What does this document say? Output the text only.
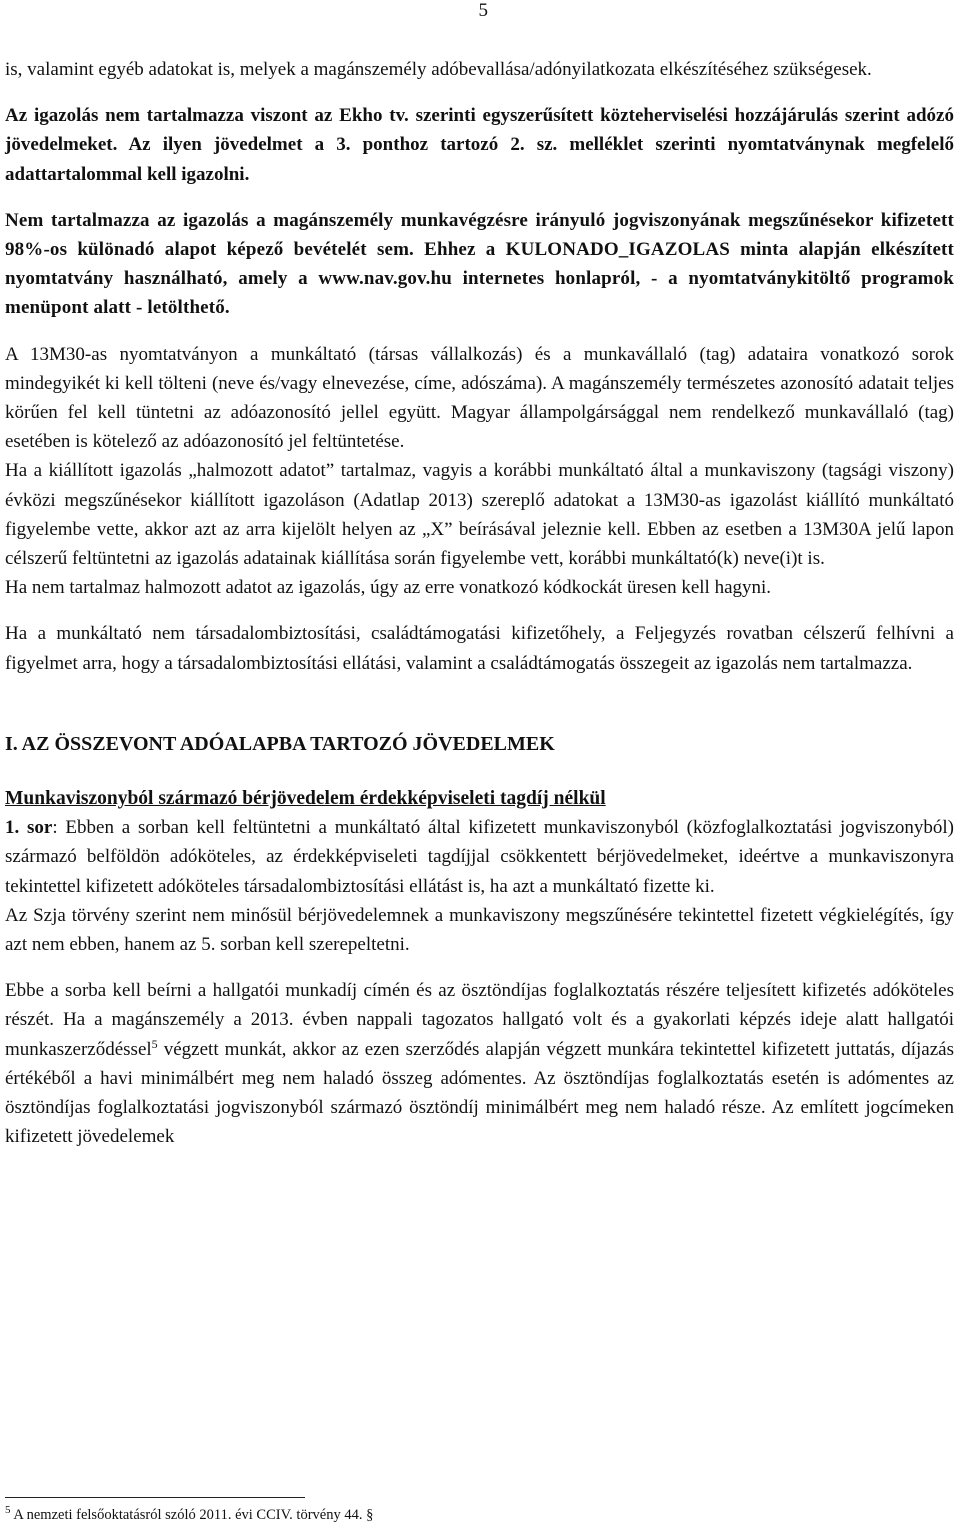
5

is, valamint egyéb adatokat is, melyek a magánszemély adóbevallása/adónyilatkozata elkészítéséhez szükségesek.

Az igazolás nem tartalmazza viszont az Ekho tv. szerinti egyszerűsített közteherviselési hozzájárulás szerint adózó jövedelmeket. Az ilyen jövedelmet a 3. ponthoz tartozó 2. sz. melléklet szerinti nyomtatványnak megfelelő adattartalommal kell igazolni.

Nem tartalmazza az igazolás a magánszemély munkavégzésre irányuló jogviszonyának megszűnésekor kifizetett 98%-os különadó alapot képező bevételét sem. Ehhez a KULONADO_IGAZOLAS minta alapján elkészített nyomtatvány használható, amely a www.nav.gov.hu internetes honlapról, - a nyomtatványkitöltő programok menüpont alatt - letölthető.

A 13M30-as nyomtatványon a munkáltató (társas vállalkozás) és a munkavállaló (tag) adataira vonatkozó sorok mindegyikét ki kell tölteni (neve és/vagy elnevezése, címe, adószáma). A magánszemély természetes azonosító adatait teljes körűen fel kell tüntetni az adóazonosító jellel együtt. Magyar állampolgársággal nem rendelkező munkavállaló (tag) esetében is kötelező az adóazonosító jel feltüntetése.

Ha a kiállított igazolás „halmozott adatot” tartalmaz, vagyis a korábbi munkáltató által a munkaviszony (tagsági viszony) évközi megszűnésekor kiállított igazoláson (Adatlap 2013) szereplő adatokat a 13M30-as igazolást kiállító munkáltató figyelembe vette, akkor azt az arra kijelölt helyen az „X” beírásával jeleznie kell. Ebben az esetben a 13M30A jelű lapon célszerű feltüntetni az igazolás adatainak kiállítása során figyelembe vett, korábbi munkáltató(k) neve(i)t is.

Ha nem tartalmaz halmozott adatot az igazolás, úgy az erre vonatkozó kódkockát üresen kell hagyni.

Ha a munkáltató nem társadalombiztosítási, családtámogatási kifizetőhely, a Feljegyzés rovatban célszerű felhívni a figyelmet arra, hogy a társadalombiztosítási ellátási, valamint a családtámogatás összegeit az igazolás nem tartalmazza.

I. AZ ÖSSZEVONT ADÓALAPBA TARTOZÓ JÖVEDELMEK

Munkaviszonyból származó bérjövedelem érdekképviseleti tagdíj nélkül

1. sor: Ebben a sorban kell feltüntetni a munkáltató által kifizetett munkaviszonyból (közfoglalkoztatási jogviszonyból) származó belföldön adóköteles, az érdekképviseleti tagdíjjal csökkentett bérjövedelmeket, ideértve a munkaviszonyra tekintettel kifizetett adóköteles társadalombiztosítási ellátást is, ha azt a munkáltató fizette ki.

Az Szja törvény szerint nem minősül bérjövedelemnek a munkaviszony megszűnésére tekintettel fizetett végkielégítés, így azt nem ebben, hanem az 5. sorban kell szerepeltetni.

Ebbe a sorba kell beírni a hallgatói munkadíj címén és az ösztöndíjas foglalkoztatás részére teljesített kifizetés adóköteles részét. Ha a magánszemély a 2013. évben nappali tagozatos hallgató volt és a gyakorlati képzés ideje alatt hallgatói munkaszerződéssel$^5$ végzett munkát, akkor az ezen szerződés alapján végzett munkára tekintettel kifizetett juttatás, díjazás értékéből a havi minimálbért meg nem haladó összeg adómentes. Az ösztöndíjas foglalkoztatás esetén is adómentes az ösztöndíjas foglalkoztatási jogviszonyból származó ösztöndíj minimálbért meg nem haladó része. Az említett jogcímeken kifizetett jövedelemek

$^5$ A nemzeti felsőoktatásról szóló 2011. évi CCIV. törvény 44. §
